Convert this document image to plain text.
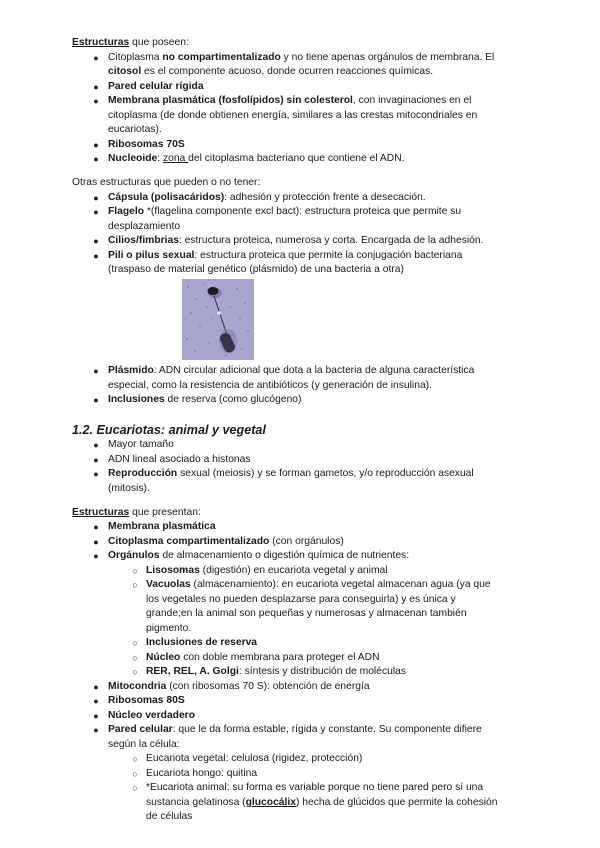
Estructuras que poseen:
● Citoplasma no compartimentalizado y no tiene apenas orgánulos de membrana. El
citosol es el componente acuoso, donde ocurren reacciones químicas.
● Pared celular rígida
● Membrana plasmática (fosfolípidos) sin colesterol, con invaginaciones en el
citoplasma (de donde obtienen energía, similares a las crestas mitocondriales en
eucariotas).
● Ribosomas 70S
● Nucleoide: zona del citoplasma bacteriano que contiene el ADN.
Otras estructuras que pueden o no tener:
● Cápsula (polisacáridos): adhesión y protección frente a desecación.
● Flagelo *(flagelina componente excl bact): estructura proteica que permite su
desplazamiento
● Cilios/fimbrias: estructura proteica, numerosa y corta. Encargada de la adhesión.
● Pili o pilus sexual: estructura proteica que permite la conjugación bacteriana
(traspaso de material genético (plásmido) de una bacteria a otra)
● Plásmido: ADN circular adicional que dota a la bacteria de alguna característica
especial, como la resistencia de antibióticos (y generación de insulina).
● Inclusiones de reserva (como glucógeno)
1.2. Eucariotas: animal y vegetal
● Mayor tamaño
● ADN lineal asociado a histonas
● Reproducción sexual (meiosis) y se forman gametos, y/o reproducción asexual
(mitosis).
Estructuras que presentan:
● Membrana plasmática
● Citoplasma compartimentalizado (con orgánulos)
● Orgánulos de almacenamiento o digestión química de nutrientes:
○ Lisosomas (digestión) en eucariota vegetal y animal
○ Vacuolas (almacenamiento): en eucariota vegetal almacenan agua (ya que
los vegetales no pueden desplazarse para conseguirla) y es única y
grande;en la animal son pequeñas y numerosas y almacenan también
pigmento.
○ Inclusiones de reserva
○ Núcleo con doble membrana para proteger el ADN
○ RER, REL, A. Golgi: síntesis y distribución de moléculas
● Mitocondria (con ribosomas 70 S): obtención de energía
● Ribosomas 80S
● Núcleo verdadero
● Pared celular: que le da forma estable, rígida y constante. Su componente difiere
según la célula:
○ Eucariota vegetal: celulosa (rigidez, protección)
○ Eucariota hongo: quitina
○ *Eucariota animal: su forma es variable porque no tiene pared pero sí una
sustancia gelatinosa (glucocálix) hecha de glúcidos que permite la cohesión
de células
